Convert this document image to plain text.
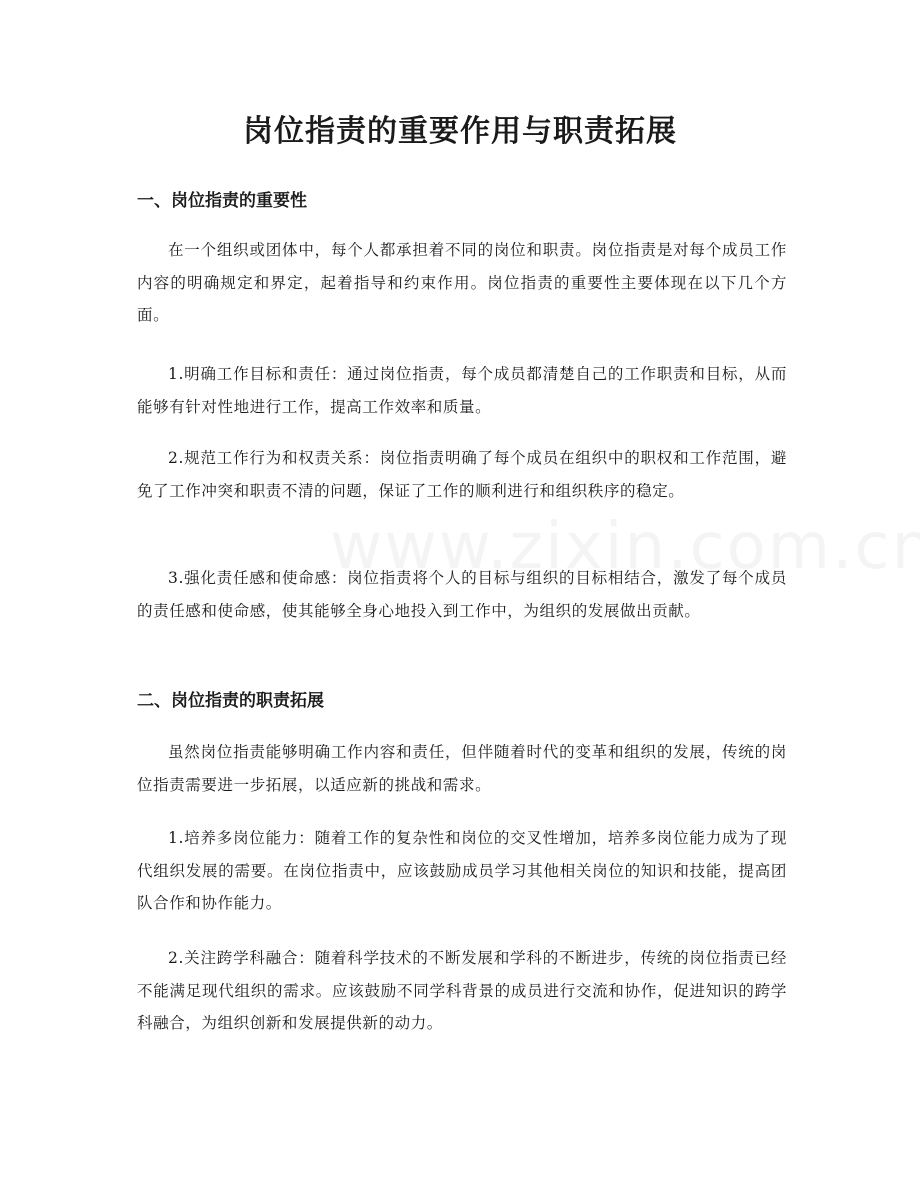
岗位指责的重要作用与职责拓展
一、岗位指责的重要性

在一个组织或团体中，每个人都承担着不同的岗位和职责。岗位指责是对每个成员工作内容的明确规定和界定，起着指导和约束作用。岗位指责的重要性主要体现在以下几个方面。

1.明确工作目标和责任：通过岗位指责，每个成员都清楚自己的工作职责和目标，从而能够有针对性地进行工作，提高工作效率和质量。

2.规范工作行为和权责关系：岗位指责明确了每个成员在组织中的职权和工作范围，避免了工作冲突和职责不清的问题，保证了工作的顺利进行和组织秩序的稳定。

3.强化责任感和使命感：岗位指责将个人的目标与组织的目标相结合，激发了每个成员的责任感和使命感，使其能够全身心地投入到工作中，为组织的发展做出贡献。

二、岗位指责的职责拓展

虽然岗位指责能够明确工作内容和责任，但伴随着时代的变革和组织的发展，传统的岗位指责需要进一步拓展，以适应新的挑战和需求。

1.培养多岗位能力：随着工作的复杂性和岗位的交叉性增加，培养多岗位能力成为了现代组织发展的需要。在岗位指责中，应该鼓励成员学习其他相关岗位的知识和技能，提高团队合作和协作能力。

2.关注跨学科融合：随着科学技术的不断发展和学科的不断进步，传统的岗位指责已经不能满足现代组织的需求。应该鼓励不同学科背景的成员进行交流和协作，促进知识的跨学科融合，为组织创新和发展提供新的动力。
